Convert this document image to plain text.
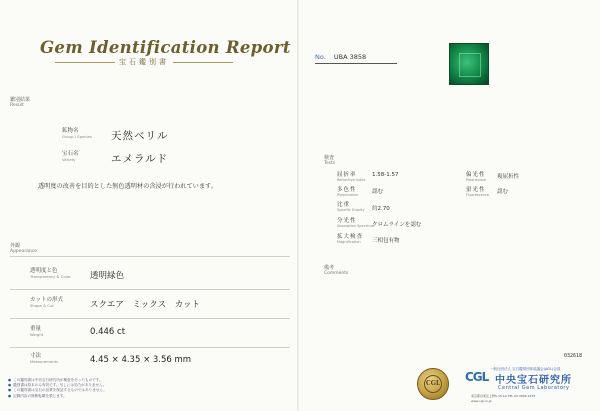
Gem Identification Report
宝石鑑別書
鑑別結果
Result
鉱物名
Group / Species 天然ベリル
宝石名
Variety	エメラルド
透明度の改善を目的とした無色透明材の含浸が行われています。
外観
Appearance
透明度と色
Transparency & Color 透明緑色
カットの形式
Shape & Cut	スクエア　ミックス　カット
重量
Weight	0.446 ct
寸法
Measurements	4.45 × 4.35 × 3.56 mm
● この鑑別書は中央宝石研究所が検査を行ったものです。
● 鑑別書は原本のみ有効です。写しには効力がありません。
● この鑑別書は宝石の品質を保証するものではありません。
● 記載内容の無断転載を禁じます。
No. UBA 3858
検査
Tests
屈折率
Refractive Index
1.58-1.57
多色性
Pleochroism
認む
比重
Specific Gravity 約2.70
分光性
Absorption Spectrum
クロムラインを認む
拡大検査
Magnification	三相包有物
偏光性
Polariscope
複屈折性
蛍光性
Fluorescence
認む
備考
Comments
032618
CGL CGL
一般社団法人 宝石鑑別団体協議会(AGL)会員
中央宝石研究所
Central Gem Laboratory
東京都台東区上野5-15-14 TEL 03-3836-1675
www.cgl.co.jp
